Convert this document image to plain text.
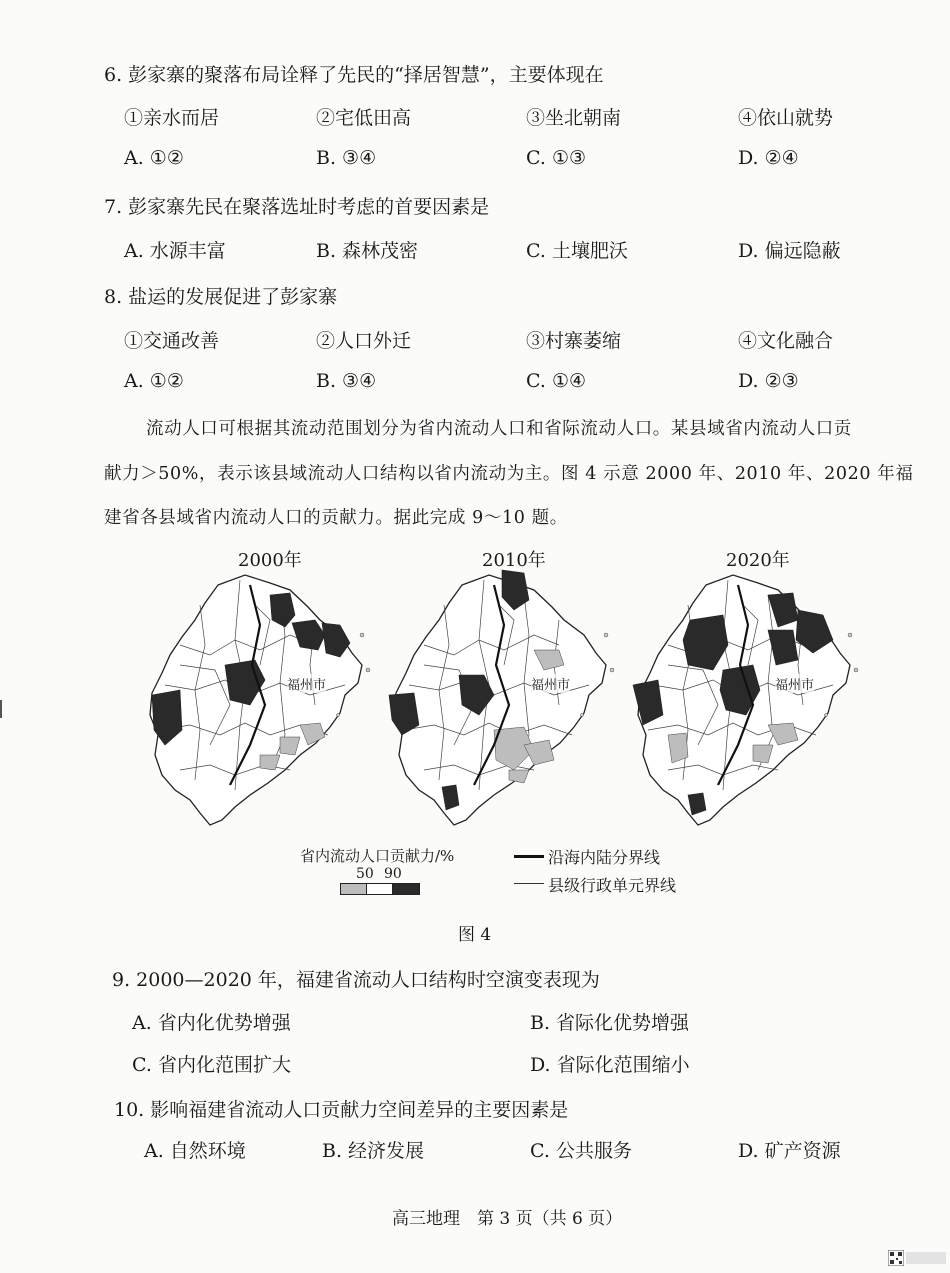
6. 彭家寨的聚落布局诠释了先民的“择居智慧”，主要体现在
①亲水而居	②宅低田高	③坐北朝南	④依山就势
A. ①②	B. ③④	C. ①③	D. ②④
7. 彭家寨先民在聚落选址时考虑的首要因素是
A. 水源丰富	B. 森林茂密	C. 土壤肥沃	D. 偏远隐蔽
8. 盐运的发展促进了彭家寨
①交通改善	②人口外迁	③村寨萎缩	④文化融合
A. ①②	B. ③④	C. ①④	D. ②③
流动人口可根据其流动范围划分为省内流动人口和省际流动人口。某县域省内流动人口贡
献力＞50%，表示该县域流动人口结构以省内流动为主。图 4 示意 2000 年、2010 年、2020 年福
建省各县域省内流动人口的贡献力。据此完成 9～10 题。
2000年	2010年	2020年
福州市	福州市	福州市
省内流动人口贡献力/%
50 90
沿海内陆分界线
县级行政单元界线
图 4
9. 2000—2020 年，福建省流动人口结构时空演变表现为
A. 省内化优势增强	B. 省际化优势增强
C. 省内化范围扩大	D. 省际化范围缩小
10. 影响福建省流动人口贡献力空间差异的主要因素是
A. 自然环境	B. 经济发展	C. 公共服务	D. 矿产资源
高三地理　第 3 页（共 6 页）
